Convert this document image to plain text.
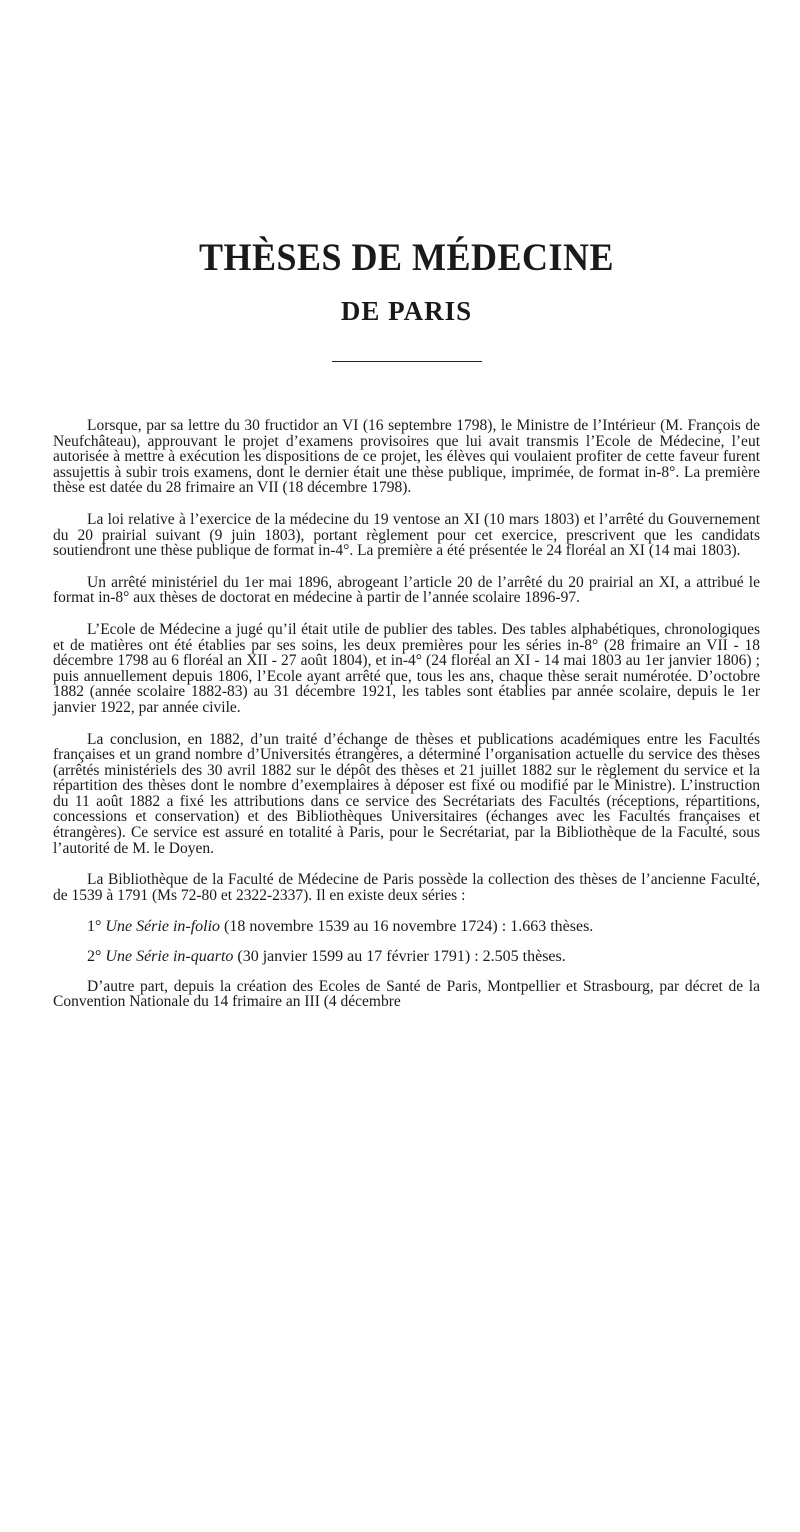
THÈSES DE MÉDECINE
DE PARIS

Lorsque, par sa lettre du 30 fructidor an VI (16 septembre 1798), le Ministre de l’Intérieur (M. François de Neufchâteau), approuvant le projet d’examens provisoires que lui avait transmis l’Ecole de Médecine, l’eut autorisée à mettre à exécution les dispositions de ce projet, les élèves qui voulaient profiter de cette faveur furent assujettis à subir trois examens, dont le dernier était une thèse publique, imprimée, de format in-8°. La première thèse est datée du 28 frimaire an VII (18 décembre 1798).

La loi relative à l’exercice de la médecine du 19 ventose an XI (10 mars 1803) et l’arrêté du Gouvernement du 20 prairial suivant (9 juin 1803), portant règlement pour cet exercice, prescrivent que les candidats soutiendront une thèse publique de format in-4°. La première a été présentée le 24 floréal an XI (14 mai 1803).

Un arrêté ministériel du 1er mai 1896, abrogeant l’article 20 de l’arrêté du 20 prairial an XI, a attribué le format in-8° aux thèses de doctorat en médecine à partir de l’année scolaire 1896-97.

L’Ecole de Médecine a jugé qu’il était utile de publier des tables. Des tables alphabétiques, chronologiques et de matières ont été établies par ses soins, les deux premières pour les séries in-8° (28 frimaire an VII - 18 décembre 1798 au 6 floréal an XII - 27 août 1804), et in-4° (24 floréal an XI - 14 mai 1803 au 1er janvier 1806) ; puis annuellement depuis 1806, l’Ecole ayant arrêté que, tous les ans, chaque thèse serait numérotée. D’octobre 1882 (année scolaire 1882-83) au 31 décembre 1921, les tables sont établies par année scolaire, depuis le 1er janvier 1922, par année civile.

La conclusion, en 1882, d’un traité d’échange de thèses et publications académiques entre les Facultés françaises et un grand nombre d’Universités étrangères, a déterminé l’organisation actuelle du service des thèses (arrêtés ministériels des 30 avril 1882 sur le dépôt des thèses et 21 juillet 1882 sur le règlement du service et la répartition des thèses dont le nombre d’exemplaires à déposer est fixé ou modifié par le Ministre). L’instruction du 11 août 1882 a fixé les attributions dans ce service des Secrétariats des Facultés (réceptions, répartitions, concessions et conservation) et des Bibliothèques Universitaires (échanges avec les Facultés françaises et étrangères). Ce service est assuré en totalité à Paris, pour le Secrétariat, par la Bibliothèque de la Faculté, sous l’autorité de M. le Doyen.

La Bibliothèque de la Faculté de Médecine de Paris possède la collection des thèses de l’ancienne Faculté, de 1539 à 1791 (Ms 72-80 et 2322-2337). Il en existe deux séries :

1° Une Série in-folio (18 novembre 1539 au 16 novembre 1724) : 1.663 thèses.

2° Une Série in-quarto (30 janvier 1599 au 17 février 1791) : 2.505 thèses.

D’autre part, depuis la création des Ecoles de Santé de Paris, Montpellier et Strasbourg, par décret de la Convention Nationale du 14 frimaire an III (4 décembre
